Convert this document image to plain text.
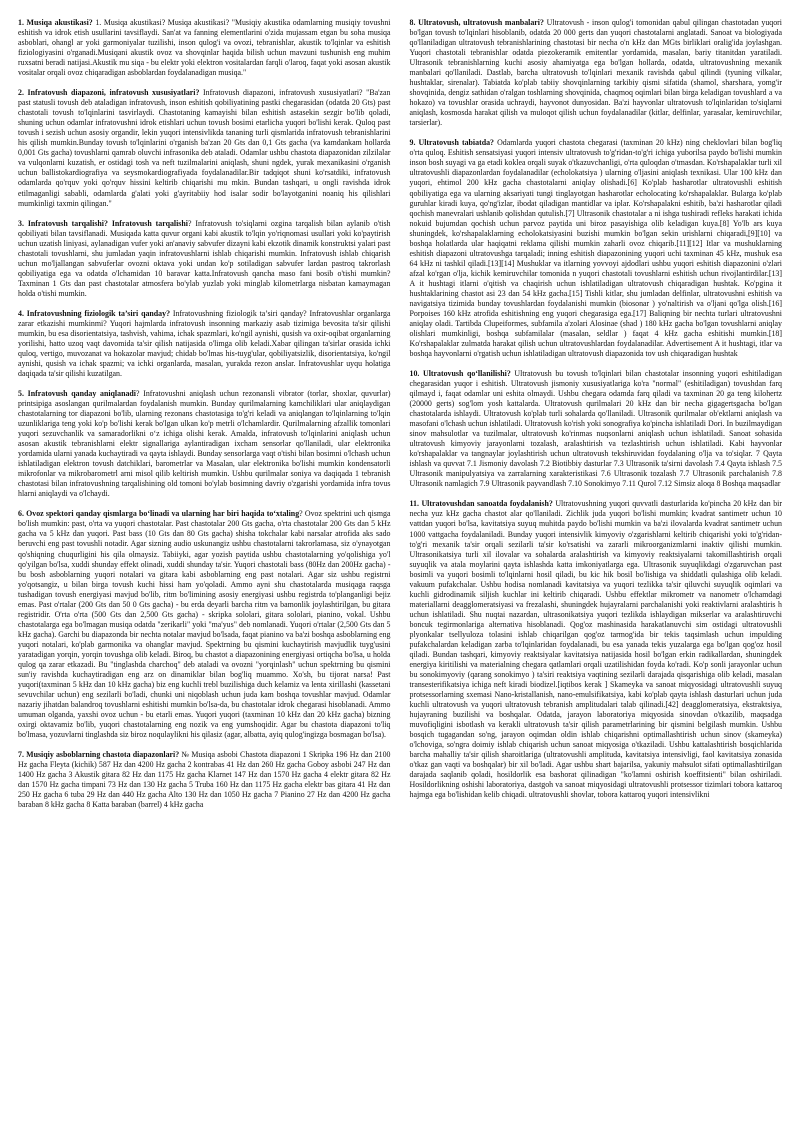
1. Musiqa akustikasi? 1. Musiqa akustikasi? Musiqa akustikasi? "Musiqiy akustika odamlarning musiqiy tovushni eshitish va idrok etish usullarini tavsiflaydi. San'at va fanning elementlarini o'zida mujassam etgan bu soha musiqa asboblari, ohangl ar yoki garmoniyalar tuzilishi, inson qulog'i va ovozi, tebranishlar, akustik to'lqinlar va eshitish fiziologiyasini o'rganadi.Musiqani akustik ovoz va shovqinlar haqida bilish uchun mavzuni tushunish eng muhim ruxsatni beradi natijasi.Akustik mu siqa - bu elektr yoki elektron vositalardan farqli o'laroq, faqat yoki asosan akustik vositalar orqali ovoz chiqaradigan asboblardan foydalanadigan musiqa."

2. Infratovush diapazoni, infratovush xususiyatlari? Infratovush diapazoni, infratovush xususiyatlari? "Ba'zan past statusli tovush deb ataladigan infratovush, inson eshitish qobiliyatining pastki chegarasidan (odatda 20 Gts) past chastotali tovush to'lqinlarini tasvirlaydi. Chastotaning kamayishi bilan eshitish astasekin sezgir bo'lib qoladi, shuning uchun odamlar infratovushni idrok etishlari uchun tovush bosimi etarlicha yuqori bo'lishi kerak. Quloq past tovush i sezish uchun asosiy organdir, lekin yuqori intensivlikda tananing turli qismlarida infratovush tebranishlarini his qilish mumkin.Bunday tovush to'lqinlarini o'rganish ba'zan 20 Gts dan 0,1 Gts gacha (va kamdankam hollarda 0,001 Gts gacha) tovushlarni qamrab oluvchi infrasonika deb ataladi. Odamlar ushbu chastota diapazonidan zilzilalar va vulqonlarni kuzatish, er ostidagi tosh va neft tuzilmalarini aniqlash, shuni ngdek, yurak mexanikasini o'rganish uchun ballistokardiografiya va seysmokardiografiyada foydalanadilar.Bir tadqiqot shuni ko'rsatdiki, infratovush odamlarda qo'rquv yoki qo'rquv hissini keltirib chiqarishi mu mkin. Bundan tashqari, u ongli ravishda idrok etilmaganligi sababli, odamlarda g'alati yoki g'ayritabiiy hod isalar sodir bo'layotganini noaniq his qilishlari mumkinligi taxmin qilingan."

3. Infratovush tarqalishi? Infratovush tarqalishi? Infratovush to'siqlarni ozgina tarqalish bilan aylanib o'tish qobiliyati bilan tavsiflanadi. Musiqada katta quvur organi kabi akustik to'lqin yo'riqnomasi usullari yoki ko'paytirish uchun uzatish liniyasi, aylanadigan vufer yoki an'anaviy sabvufer dizayni kabi ekzotik dinamik konstruktsi yalari past chastotali tovushlarni, shu jumladan yaqin infratovushlarni ishlab chiqarishi mumkin. Infratovush ishlab chiqarish uchun mo'ljallangan sabvuferlar ovozni oktava yoki undan ko'p sotiladigan sabvufer lardan pastroq takrorlash qobiliyatiga ega va odatda o'lchamidan 10 baravar katta.Infratovush qancha maso fani bosib o'tishi mumkin? Taxminan 1 Gts dan past chastotalar atmosfera bo'ylab yuzlab yoki minglab kilometrlarga nisbatan kamaymagan holda o'tishi mumkin.

4. Infratovushning fiziologik ta’siri qanday? Infratovushning fiziologik ta’siri qanday? Infratovushlar organlarga zarar etkazishi mumkinmi? Yuqori hajmlarda infratovush insonning markaziy asab tizimiga bevosita ta'sir qilishi mumkin, bu esa disorientatsiya, tashvish, vahima, ichak spazmlari, ko'ngil aynishi, qusish va oxir-oqibat organlarning yorilishi, hatto uzoq vaqt davomida ta'sir qilish natijasida o'limga olib keladi.Xabar qilingan ta'sirlar orasida ichki quloq, vertigo, muvozanat va hokazolar mavjud; chidab bo'lmas his-tuyg'ular, qobiliyatsizlik, disorientatsiya, ko'ngil aynishi, qusish va ichak spazmi; va ichki organlarda, masalan, yurakda rezon anslar. Infratovushlar uyqu holatiga daqiqada ta'sir qilishi kuzatilgan.

5. Infratovush qanday aniqlanadi? Infratovushni aniqlash uchun rezonansli vibrator (torlar, shoxlar, quvurlar) printsipiga asoslangan qurilmalardan foydalanish mumkin. Bunday qurilmalarning kamchiliklari ular aniqlaydigan chastotalarning tor diapazoni bo'lib, ularning rezonans chastotasiga to'g'ri keladi va aniqlangan to'lqinlarning to'lqin uzunliklariga teng yoki ko'p bo'lishi kerak bo'lgan ulkan ko'p metrli o'lchamlardir. Qurilmalarning afzallik tomonlari yuqori sezuvchanlik va samaradorlikni o‘z ichiga olishi kerak. Amalda, infratovush to'lqinlarini aniqlash uchun asosan akustik tebranishlarni elektr signallariga aylantiradigan ixcham sensorlar qo'llaniladi, ular elektronika yordamida ularni yanada kuchaytiradi va qayta ishlaydi. Bunday sensorlarga vaqt o'tishi bilan bosimni o'lchash uchun ishlatiladigan elektron tovush datchiklari, barometrlar va Masalan, ular elektronika bo'lishi mumkin kondensatorli mikrofonlar va mikrobarometrl arni misol qilib keltirish mumkin. Ushbu qurilmalar soniya va daqiqada 1 tebranish chastotasi bilan infratovushning tarqalishining old tomoni bo'ylab bosimning davriy o'zgarishi yordamida infra tovus hlarni aniqlaydi va o'lchaydi.

6. Ovoz spektori qanday qismlarga bo‘linadi va ularning har biri haqida to‘xtaling? Ovoz spektrini uch qismga bo'lish mumkin: past, o'rta va yuqori chastotalar. Past chastotalar 200 Gts gacha, o'rta chastotalar 200 Gts dan 5 kHz gacha va 5 kHz dan yuqori. Past bass (10 Gts dan 80 Gts gacha) shisha tokchalar kabi narsalar atrofida aks sado beruvchi eng past tovushli notadir. Agar sizning audio uskunangiz ushbu chastotalarni takrorlamasa, siz o'ynayotgan qo'shiqning chuqurligini his qila olmaysiz. Tabiiyki, agar yozish paytida ushbu chastotalarning yo'qolishiga yo'l qo'yilgan bo'lsa, xuddi shunday effekt olinadi, xuddi shunday ta'sir. Yuqori chastotali bass (80Hz dan 200Hz gacha) - bu bosh asboblarning yuqori notalari va gitara kabi asboblarning eng past notalari. Agar siz ushbu registrni yo'qotsangiz, u bilan birga tovush kuchi hissi ham yo'qoladi. Ammo ayni shu chastotalarda musiqaga raqsga tushadigan tovush energiyasi mavjud bo'lib, ritm bo'limining asosiy energiyasi ushbu registrda to'planganligi bejiz emas. Past o'rtalar (200 Gts dan 50 0 Gts gacha) - bu erda deyarli barcha ritm va bamonlik joylashtirilgan, bu gitara registridir. O'rta o'rta (500 Gts dan 2,500 Gts gacha) - skripka sololari, gitara sololari, pianino, vokal. Ushbu chastotalarga ega bo'lmagan musiqa odatda "zerikarli" yoki "ma'yus" deb nomlanadi. Yuqori o'rtalar (2,500 Gts dan 5 kHz gacha). Garchi bu diapazonda bir nechta notalar mavjud bo'lsada, faqat pianino va ba'zi boshqa asboblarning eng yuqori notalari, ko'plab garmonika va ohanglar mavjud. Spektrning bu qismini kuchaytirish mavjudlik tuyg'usini yaratadigan yorqin, yorqin tovushga olib keladi. Biroq, bu chastot a diapazonining energiyasi ortiqcha bo'lsa, u holda qulog qa zarar etkazadi. Bu "tinglashda charchoq" deb ataladi va ovozni "yorqinlash" uchun spektrning bu qismini sun'iy ravishda kuchaytiradigan eng arz on dinamiklar bilan bog'liq muammo. Xo'sh, bu tijorat narsa! Past yuqori(taxminan 5 kHz dan 10 kHz gacha) biz eng kuchli trebl buzilishiga duch kelamiz va lenta xirillashi (kassetani sevuvchilar uchun) eng sezilarli bo'ladi, chunki uni niqoblash uchun juda kam boshqa tovushlar mavjud. Odamlar nazariy jihatdan balandroq tovushlarni eshitishi mumkin bo'lsa-da, bu chastotalar idrok chegarasi hisoblanadi. Ammo umuman olganda, yaxshi ovoz uchun - bu etarli emas. Yuqori yuqori (taxminan 10 kHz dan 20 kHz gacha) bizning oxirgi oktavamiz bo'lib, yuqori chastotalarning eng nozik va eng yumshoqidir. Agar bu chastota diapazoni to'liq bo'lmasa, yozuvlarni tinglashda siz biroz noqulaylikni his qilasiz (agar, albatta, ayiq qulog'ingizga bosmagan bo'lsa).

7. Musiqiy asboblarning chastota diapazonlari? № Musiqa asbobi Chastota diapazoni 1 Skripka 196 Hz dan 2100 Hz gacha Fleyta (kichik) 587 Hz dan 4200 Hz gacha 2 kontrabas 41 Hz dan 260 Hz gacha Goboy asbobi 247 Hz dan 1400 Hz gacha 3 Akustik gitara 82 Hz dan 1175 Hz gacha Klarnet 147 Hz dan 1570 Hz gacha 4 elektr gitara 82 Hz dan 1570 Hz gacha timpani 73 Hz dan 130 Hz gacha 5 Truba 160 Hz dan 1175 Hz gacha elektr bas gitara 41 Hz dan 250 Hz gacha 6 tuba 29 Hz dan 440 Hz gacha Alto 130 Hz dan 1050 Hz gacha 7 Pianino 27 Hz dan 4200 Hz gacha baraban 8 kHz gacha 8 Katta baraban (barrel) 4 kHz gacha

8. Ultratovush, ultratovush manbalari? Ultratovush - inson qulog'i tomonidan qabul qilingan chastotadan yuqori bo'lgan tovush to'lqinlari hisoblanib, odatda 20 000 gerts dan yuqori chastotalarni anglatadi. Sanoat va biologiyada qo'llaniladigan ultratovush tebranishlarining chastotasi bir necha o'n kHz dan MGts birliklari oralig'ida joylashgan. Yuqori chastotali tebranishlar odatda piezokeramik emitentlar yordamida, masalan, bariy titanitdan yaratiladi. Ultrasonik tebranishlarning kuchi asosiy ahamiyatga ega bo'lgan hollarda, odatda, ultratovushning mexanik manbalari qo'llaniladi. Dastlab, barcha ultratovush to'lqinlari mexanik ravishda qabul qilindi (tyuning vilkalar, hushtaklar, sirenalar). Tabiatda ko'plab tabiiy shovqinlarning tarkibiy qismi sifatida (shamol, sharshara, yomg'ir shovqinida, dengiz sathidan o'ralgan toshlarning shovqinida, chaqmoq oqimlari bilan birga keladigan tovushlard a va hokazo) va tovushlar orasida uchraydi, hayvonot dunyosidan. Ba'zi hayvonlar ultratovush to'lqinlaridan to'siqlarni aniqlash, kosmosda harakat qilish va muloqot qilish uchun foydalanadilar (kitlar, delfinlar, yarasalar, kemiruvchilar, tarsierlar).

9. Ultratovush tabiatda? Odamlarda yuqori chastota chegarasi (taxminan 20 kHz) ning cheklovlari bilan bog'liq o'rta quloq. Eshitish sensatsiyasi yuqori intensiv ultratovush to'g'ridan-to'g'ri ichiga yuborilsa paydo bo'lishi mumkin inson bosh suyagi va ga etadi koklea orqali suyak o'tkazuvchanligi, o'rta quloqdan o'tmasdan. Ko'rshapalaklar turli xil ultratovushli diapazonlardan foydalanadilar (echolokatsiya ) ularning o'ljasini aniqlash texnikasi. Ular 100 kHz dan yuqori, ehtimol 200 kHz gacha chastotalarni aniqlay olishadi.[6] Ko'plab hasharotlar ultratovushli eshitish qobiliyatiga ega va ularning aksariyati tungi tinglayotgan hasharotlar echolocating ko'rshapalaklar. Bularga ko'plab guruhlar kiradi kuya, qo'ng'izlar, ibodat qiladigan mantidlar va iplar. Ko'rshapalakni eshitib, ba'zi hasharotlar qiladi qochish manevralari ushlanib qolishdan qutulish.[7] Ultrasonik chastotalar a ni ishga tushiradi refleks harakati ichida nokuid bujumdan qochish uchun parvoz paytida uni biroz pasayishiga olib keladigan kuya.[8] Yo'lb ars kuya shuningdek, ko'rshapalaklarning echolokatsiyasini buzishi mumkin bo'lgan sekin urishlarni chiqaradi,[9][10] va boshqa holatlarda ular haqiqatni reklama qilishi mumkin zaharli ovoz chiqarib.[11][12] Itlar va mushuklarning eshitish diapazoni ultratovushga tarqaladi; inning eshitish diapazonining yuqori uchi taxminan 45 kHz, mushuk esa 64 kHz ni tashkil qiladi.[13][14] Mushuklar va itlarning yovvoyi ajdodlari ushbu yuqori eshitish diapazonini o'zlari afzal ko'rgan o'lja, kichik kemiruvchilar tomonida n yuqori chastotali tovushlarni eshitish uchun rivojlantirdilar.[13] A it hushtagi itlarni o'qitish va chaqirish uchun ishlatiladigan ultratovush chiqaradigan hushtak. Ko'pgina it hushtaklarining chastot asi 23 dan 54 kHz gacha.[15] Tishli kitlar, shu jumladan delfinlar, ultratovushni eshitish va navigatsiya tizimida bunday tovushlardan foydalanishi mumkin (biosonar ) yo'naltirish va o'ljani qo'lga olish.[16] Porpoises 160 kHz atrofida eshitishning eng yuqori chegarasiga ega.[17] Baliqning bir nechta turlari ultratovushni aniqlay oladi. Tartibda Clupeiformes, subfamila a'zolari Alosinae (shad ) 180 kHz gacha bo'lgan tovushlarni aniqlay olishlari mumkinligi, boshqa subfamilalar (masalan, seldlar ) faqat 4 kHz gacha eshitishi mumkin.[18] Ko'rshapalaklar zulmatda harakat qilish uchun ultratovushlardan foydalanadilar. Advertisement A it hushtagi, itlar va boshqa hayvonlarni o'rgatish uchun ishlatiladigan ultratovush diapazonida tov ush chiqaradigan hushtak

10. Ultratovush qo‘llanilishi? Ultratovush bu tovush to'lqinlari bilan chastotalar insonning yuqori eshitiladigan chegarasidan yuqor i eshitish. Ultratovush jismoniy xususiyatlariga ko'ra "normal" (eshitiladigan) tovushdan farq qilmayd i, faqat odamlar uni eshita olmaydi. Ushbu chegara odamda farq qiladi va taxminan 20 ga teng kilohertz (20000 gerts) sog'lom yosh kattalarda. Ultratovush qurilmalari 20 kHz dan bir necha gigagertsgacha bo'lgan chastotalarda ishlaydi. Ultratovush ko'plab turli sohalarda qo'llaniladi. Ultrasonik qurilmalar ob'ektlarni aniqlash va masofani o'lchash uchun ishlatiladi. Ultratovush ko'rish yoki sonografiya ko'pincha ishlatiladi Dori. In buzilmaydigan sinov mahsulotlar va tuzilmalar, ultratovush ko'rinmas nuqsonlarni aniqlash uchun ishlatiladi. Sanoat sohasida ultratovush kimyoviy jarayonlarni tozalash, aralashtirish va tezlashtirish uchun ishlatiladi. Kabi hayvonlar ko'rshapalaklar va tangnaylar joylashtirish uchun ultratovush tekshiruvidan foydalaning o'lja va to'siqlar. 7 Qayta ishlash va quvvat 7.1 Jismoniy davolash 7.2 Biotibbiy dasturlar 7.3 Ultrasonik ta'sirni davolash 7.4 Qayta ishlash 7.5 Ultrasonik manipulyatsiya va zarralarning xarakteristikasi 7.6 Ultrasonik tozalash 7.7 Ultrasonik parchalanish 7.8 Ultrasonik namlagich 7.9 Ultrasonik payvandlash 7.10 Sonokimyo 7.11 Qurol 7.12 Simsiz aloqa 8 Boshqa maqsadlar

11. Ultratovushdan sanoatda foydalanish? Ultratovushning yuqori quvvatli dasturlarida ko'pincha 20 kHz dan bir necha yuz kHz gacha chastot alar qo'llaniladi. Zichlik juda yuqori bo'lishi mumkin; kvadrat santimetr uchun 10 vattdan yuqori bo'lsa, kavitatsiya suyuq muhitda paydo bo'lishi mumkin va ba'zi ilovalarda kvadrat santimetr uchun 1000 vattgacha foydalaniladi. Bunday yuqori intensivlik kimyoviy o'zgarishlarni keltirib chiqarishi yoki to'g'ridan-to'g'ri mexanik ta'sir orqali sezilarli ta'sir ko'rsatishi va zararli mikroorganizmlarni inaktiv qilishi mumkin. Ultrasonikatsiya turli xil ilovalar va sohalarda aralashtirish va kimyoviy reaktsiyalarni takomillashtirish orqali suyuqlik va atala moylarini qayta ishlashda katta imkoniyatlarga ega. Ultrasonik suyuqlikdagi o'zgaruvchan past bosimli va yuqori bosimli to'lqinlarni hosil qiladi, bu kic hik bosil bo'lishiga va shiddatli qulashiga olib keladi. vakuum pufakchalar. Ushbu hodisa nomlanadi kavitatsiya va yuqori tezlikka ta'sir qiluvchi suyuqlik oqimlari va kuchli gidrodinamik siljish kuchlar ini keltirib chiqaradi. Ushbu effektlar mikrometr va nanometr o'lchamdagi materiallarni deagglomeratsiyasi va frezalashi, shuningdek hujayralarni parchalanishi yoki reaktivlarni aralashtiris h uchun ishlatiladi. Shu nuqtai nazardan, ultrasonikatsiya yuqori tezlikda ishlaydigan mikserlar va aralashtiruvchi boncuk tegirmonlariga alternativa hisoblanadi. Qog'oz mashinasida harakatlanuvchi sim ostidagi ultratovushli plyonkalar tsellyuloza tolasini ishlab chiqarilgan qog'oz tarmog'ida bir tekis taqsimlash uchun impulding pufakchalardan keladigan zarba to'lqinlaridan foydalanadi, bu esa yanada tekis yuzalarga ega bo'lgan qog'oz hosil qiladi. Bundan tashqari, kimyoviy reaktsiyalar kavitatsiya natijasida hosil bo'lgan erkin radikallardan, shuningdek energiya kiritilishi va materialning chegara qatlamlari orqali uzatilishidan foyda ko'radi. Ko'p sonli jarayonlar uchun bu sonokimyoviy (qarang sonokimyo ) ta'siri reaktsiya vaqtining sezilarli darajada qisqarishiga olib keladi, masalan transesterifikatsiya ichiga neft kiradi biodizel.[iqtibos kerak ] Skameyka va sanoat miqyosidagi ultratovushli suyuq protsessorlarning sxemasi Nano-kristallanish, nano-emulsifikatsiya, kabi ko'plab qayta ishlash dasturlari uchun juda kuchli ultratovush va yuqori ultratovush tebranish amplitudalari talab qilinadi.[42] deagglomeratsiya, ekstraktsiya, hujayrаning buzilishi va boshqalar. Odatda, jarayon laboratoriya miqyosida sinovdan o'tkazilib, maqsadga muvofiqligini isbotlash va kerakli ultratovush ta'sir qilish parametrlarining bir qismini belgilash mumkin. Ushbu bosqich tugagandan so'ng, jarayon oqimdan oldin ishlab chiqarishni optimallashtirish uchun sinov (skameyka) o'lchoviga, so'ngra doimiy ishlab chiqarish uchun sanoat miqyosiga o'tkaziladi. Ushbu kattalashtirish bosqichlarida barcha mahalliy ta'sir qilish sharoitlariga (ultratovushli amplituda, kavitatsiya intensivligi, faol kavitatsiya zonasida o'tkaz gan vaqti va boshqalar) bir xil bo'ladi. Agar ushbu shart bajarilsa, yakuniy mahsulot sifati optimallashtirilgan darajada saqlanib qoladi, hosildorlik esa bashorat qilinadigan "ko'lamni oshirish koeffitsienti" bilan oshiriladi. Hosildorlikning oshishi laboratoriya, dastgoh va sanoat miqyosidagi ultratovushli protsessor tizimlari tobora kattaroq hajmga ega bo'lishidan kelib chiqadi. ultratovushli shovlar, tobora kattaroq yuqori intensivlikni
